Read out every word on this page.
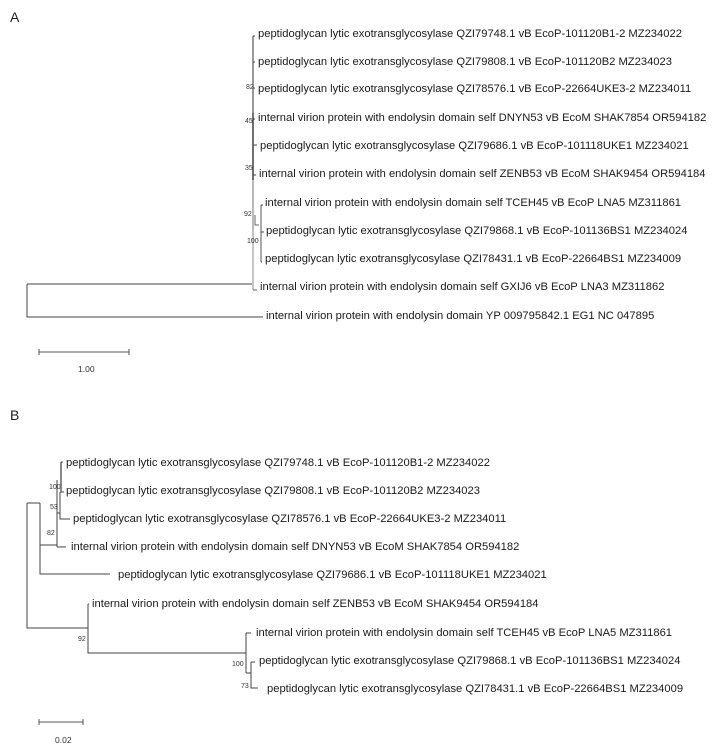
A
B
peptidoglycan lytic exotransglycosylase QZI79748.1 vB EcoP-101120B1-2 MZ234022
peptidoglycan lytic exotransglycosylase QZI79808.1 vB EcoP-101120B2 MZ234023
peptidoglycan lytic exotransglycosylase QZI78576.1 vB EcoP-22664UKE3-2 MZ234011
internal virion protein with endolysin domain self DNYN53 vB EcoM SHAK7854 OR594182
peptidoglycan lytic exotransglycosylase QZI79686.1 vB EcoP-101118UKE1 MZ234021
internal virion protein with endolysin domain self ZENB53 vB EcoM SHAK9454 OR594184
internal virion protein with endolysin domain self TCEH45 vB EcoP LNA5 MZ311861
peptidoglycan lytic exotransglycosylase QZI79868.1 vB EcoP-101136BS1 MZ234024
peptidoglycan lytic exotransglycosylase QZI78431.1 vB EcoP-22664BS1 MZ234009
internal virion protein with endolysin domain self GXIJ6 vB EcoP LNA3 MZ311862
internal virion protein with endolysin domain YP 009795842.1 EG1 NC 047895
82
45
35
92
100
1.00
peptidoglycan lytic exotransglycosylase QZI79748.1 vB EcoP-101120B1-2 MZ234022
peptidoglycan lytic exotransglycosylase QZI79808.1 vB EcoP-101120B2 MZ234023
peptidoglycan lytic exotransglycosylase QZI78576.1 vB EcoP-22664UKE3-2 MZ234011
internal virion protein with endolysin domain self DNYN53 vB EcoM SHAK7854 OR594182
peptidoglycan lytic exotransglycosylase QZI79686.1 vB EcoP-101118UKE1 MZ234021
internal virion protein with endolysin domain self ZENB53 vB EcoM SHAK9454 OR594184
internal virion protein with endolysin domain self TCEH45 vB EcoP LNA5 MZ311861
peptidoglycan lytic exotransglycosylase QZI79868.1 vB EcoP-101136BS1 MZ234024
peptidoglycan lytic exotransglycosylase QZI78431.1 vB EcoP-22664BS1 MZ234009
100
53
82
92
100
73
0.02
